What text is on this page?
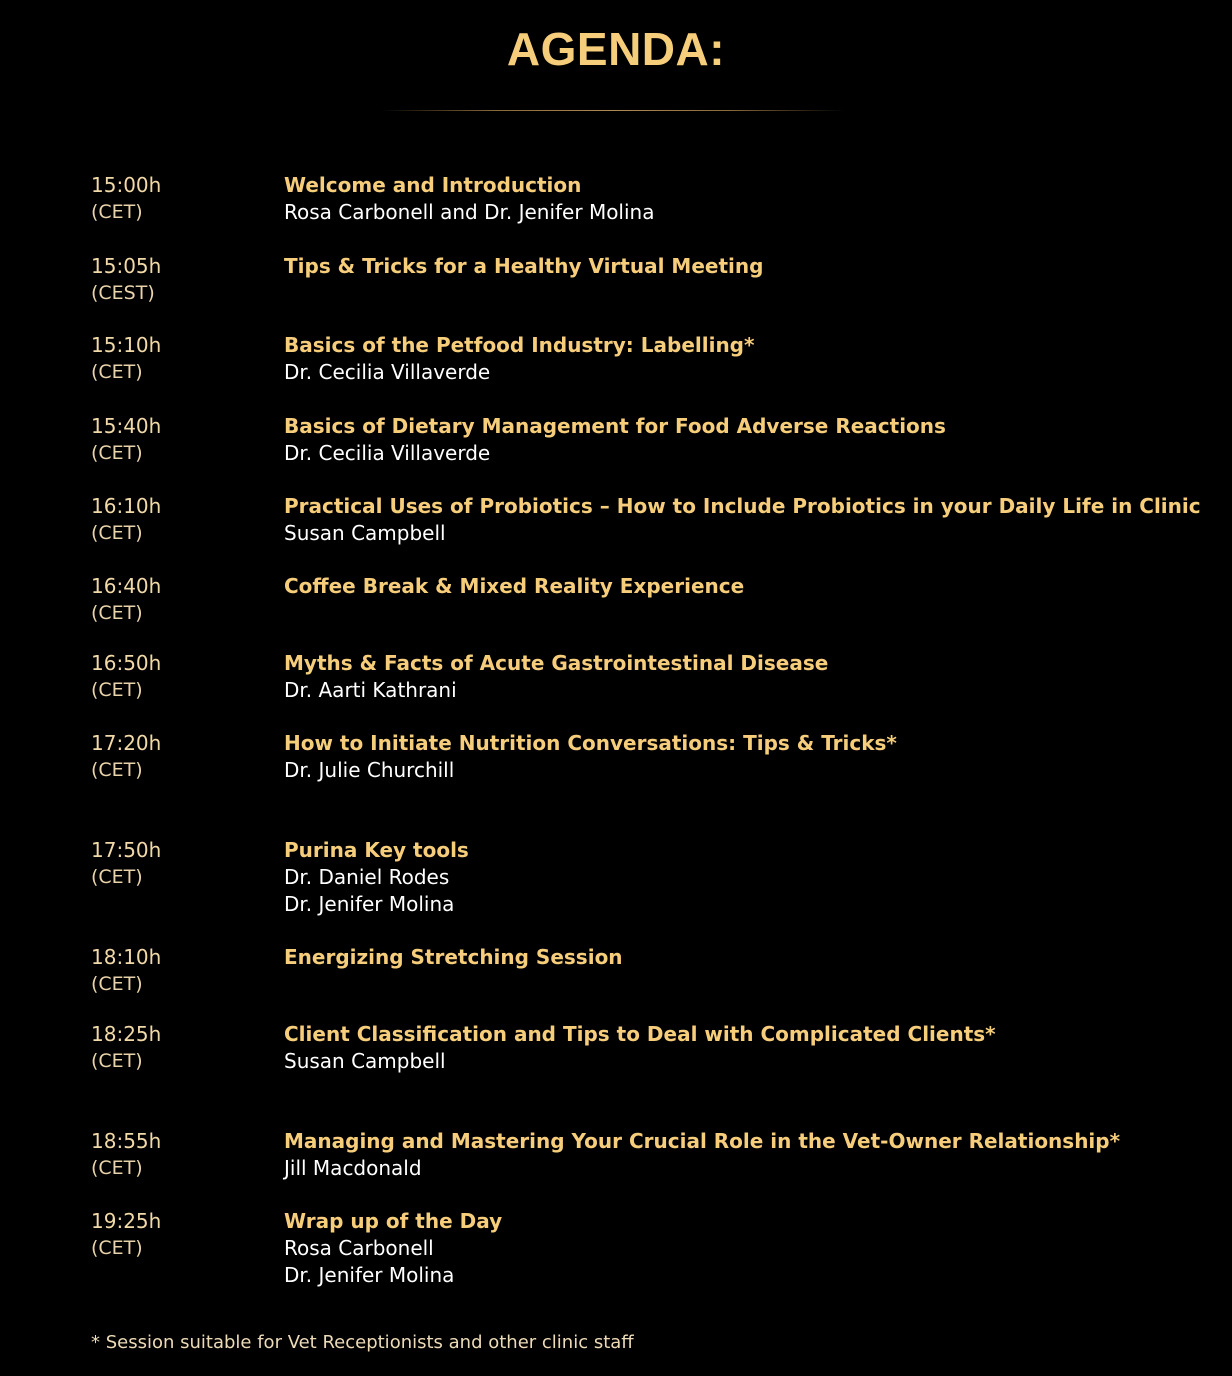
AGENDA:
15:00h
(CET)
Welcome and Introduction
Rosa Carbonell and Dr. Jenifer Molina
15:05h
(CEST)
Tips & Tricks for a Healthy Virtual Meeting
15:10h
(CET)
Basics of the Petfood Industry: Labelling*
Dr. Cecilia Villaverde
15:40h
(CET)
Basics of Dietary Management for Food Adverse Reactions
Dr. Cecilia Villaverde
16:10h
(CET)
Practical Uses of Probiotics – How to Include Probiotics in your Daily Life in Clinic
Susan Campbell
16:40h
(CET)
Coffee Break & Mixed Reality Experience
16:50h
(CET)
Myths & Facts of Acute Gastrointestinal Disease
Dr. Aarti Kathrani
17:20h
(CET)
How to Initiate Nutrition Conversations: Tips & Tricks*
Dr. Julie Churchill
17:50h
(CET)
Purina Key tools
Dr. Daniel Rodes
Dr. Jenifer Molina
18:10h
(CET)
Energizing Stretching Session
18:25h
(CET)
Client Classification and Tips to Deal with Complicated Clients*
Susan Campbell
18:55h
(CET)
Managing and Mastering Your Crucial Role in the Vet-Owner Relationship*
Jill Macdonald
19:25h
(CET)
Wrap up of the Day
Rosa Carbonell
Dr. Jenifer Molina
* Session suitable for Vet Receptionists and other clinic staff
